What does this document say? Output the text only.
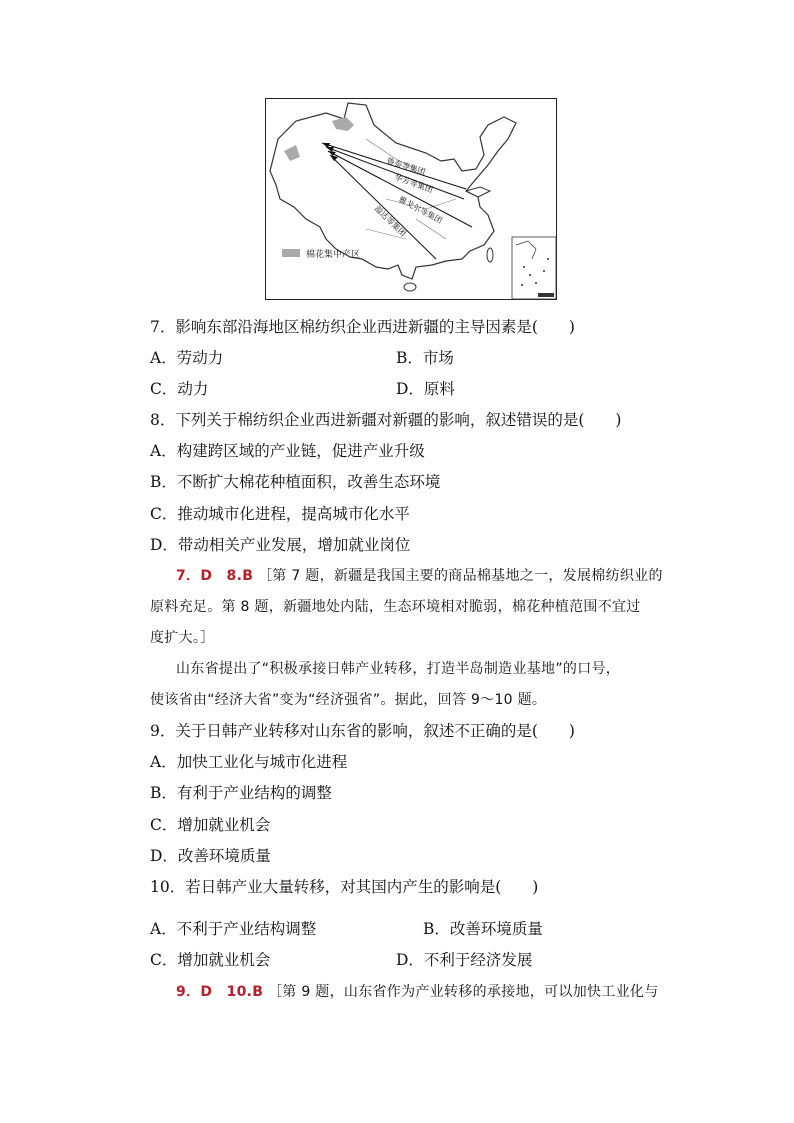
鲁泰等集团
华芳等集团
雅戈尔等集团
溢达等集团
棉花集中产区
7．影响东部沿海地区棉纺织企业西进新疆的主导因素是(　　)
A．劳动力	B．市场
C．动力	D．原料
8．下列关于棉纺织企业西进新疆对新疆的影响，叙述错误的是(　　)
A．构建跨区域的产业链，促进产业升级
B．不断扩大棉花种植面积，改善生态环境
C．推动城市化进程，提高城市化水平
D．带动相关产业发展，增加就业岗位
7．D　8.B ［第 7 题，新疆是我国主要的商品棉基地之一，发展棉纺织业的
原料充足。第 8 题，新疆地处内陆，生态环境相对脆弱，棉花种植范围不宜过
度扩大。］
山东省提出了“积极承接日韩产业转移，打造半岛制造业基地”的口号，
使该省由“经济大省”变为“经济强省”。据此，回答 9～10 题。
9．关于日韩产业转移对山东省的影响，叙述不正确的是(　　)
A．加快工业化与城市化进程
B．有利于产业结构的调整
C．增加就业机会
D．改善环境质量
10．若日韩产业大量转移，对其国内产生的影响是(　　)
A．不利于产业结构调整	B．改善环境质量
C．增加就业机会	D．不利于经济发展
9．D　10.B ［第 9 题，山东省作为产业转移的承接地，可以加快工业化与
